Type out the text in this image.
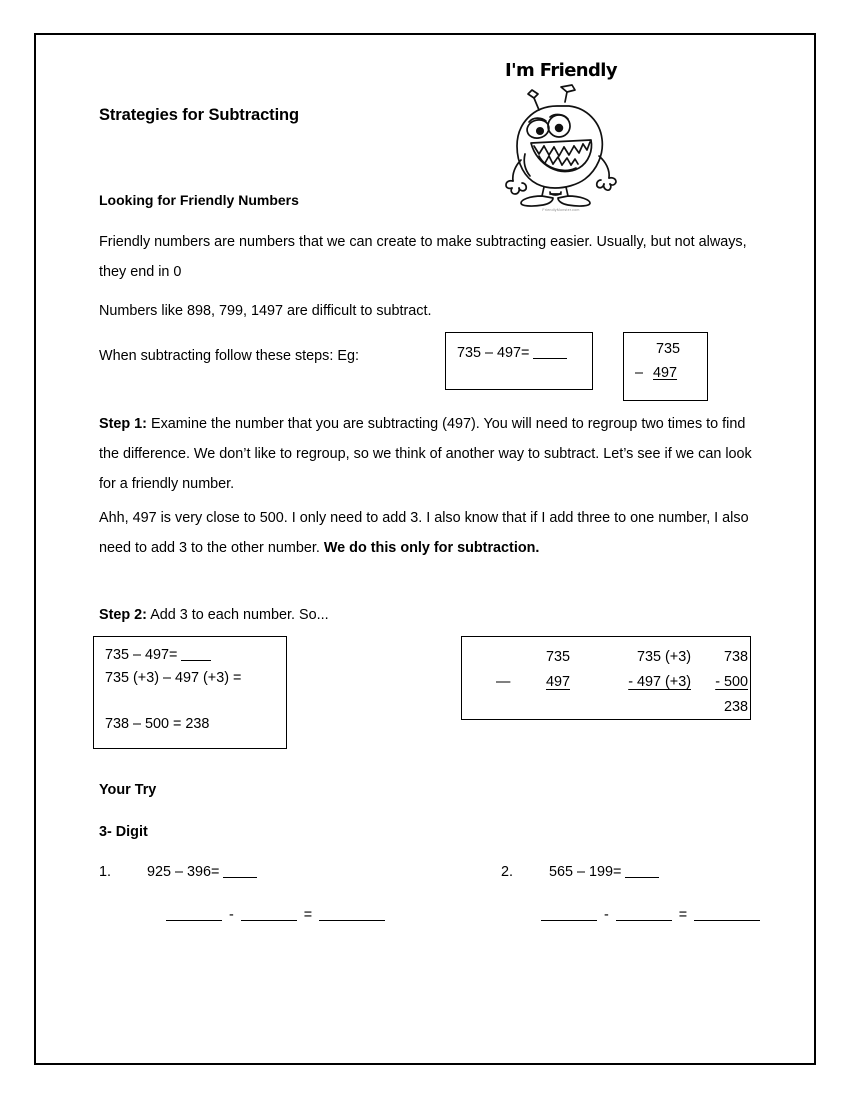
Strategies for Subtracting
I'm Friendly
FriendlyMonster.com
Looking for Friendly Numbers
Friendly numbers are numbers that we can create to make subtracting easier. Usually, but not always, they end in 0
Numbers like 898, 799, 1497 are difficult to subtract.
When subtracting follow these steps: Eg:	735 – 497=	735
– 497
Step 1: Examine the number that you are subtracting (497). You will need to regroup two times to find the difference. We don’t like to regroup, so we think of another way to subtract. Let’s see if we can look for a friendly number.
Ahh, 497 is very close to 500. I only need to add 3. I also know that if I add three to one number, I also need to add 3 to the other number. We do this only for subtraction.
Step 2: Add 3 to each number. So...
735 – 497=
735 (+3) – 497 (+3) =
738 – 500 = 238
735
— 497
735 (+3)
- 497 (+3)
738
- 500
238
Your Try
3- Digit
1. 925 – 396=	2. 565 – 199=
-	=	-	=
